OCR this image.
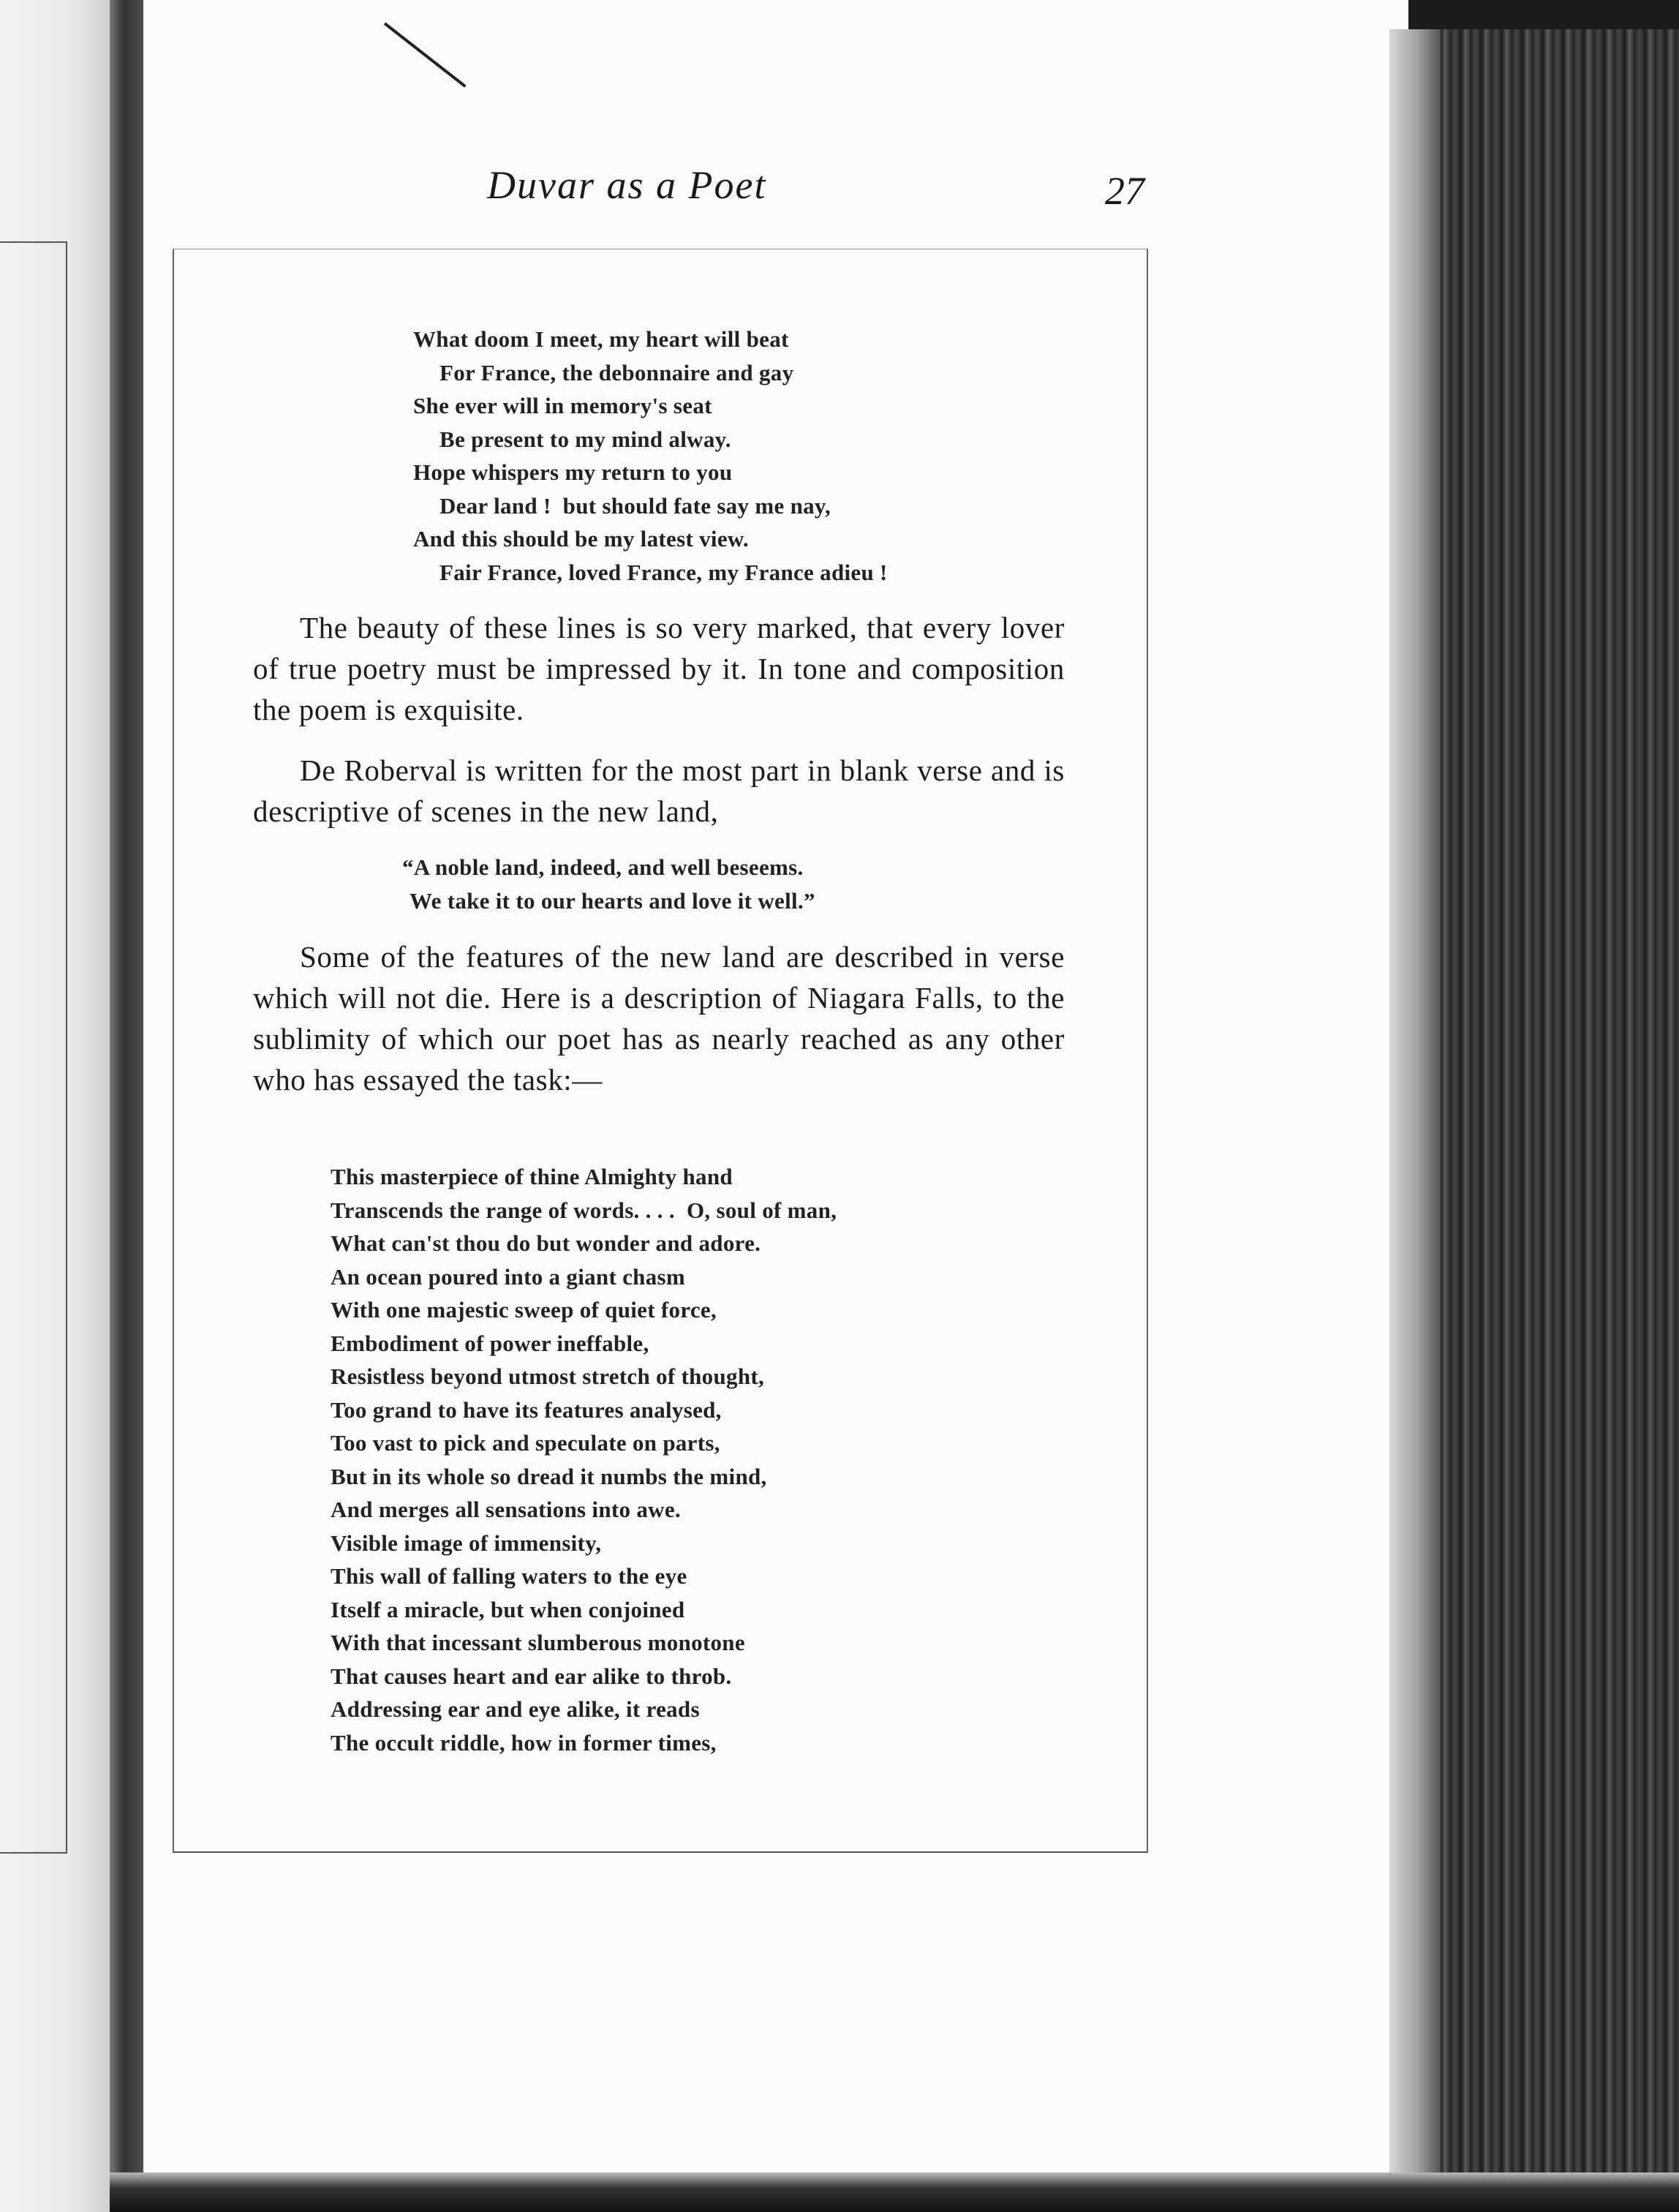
Duvar as a Poet	27
What doom I meet, my heart will beat
For France, the debonnaire and gay
She ever will in memory's seat
Be present to my mind alway.
Hope whispers my return to you
Dear land !  but should fate say me nay,
And this should be my latest view.
Fair France, loved France, my France adieu !

The beauty of these lines is so very marked, that every lover of true poetry must be impressed by it. In tone and composition the poem is exquisite.

De Roberval is written for the most part in blank verse and is descriptive of scenes in the new land,

“A noble land, indeed, and well beseems.
We take it to our hearts and love it well.”

Some of the features of the new land are described in verse which will not die. Here is a description of Niagara Falls, to the sublimity of which our poet has as nearly reached as any other who has essayed the task:—

This masterpiece of thine Almighty hand
Transcends the range of words. . . .  O, soul of man,
What can'st thou do but wonder and adore.
An ocean poured into a giant chasm
With one majestic sweep of quiet force,
Embodiment of power ineffable,
Resistless beyond utmost stretch of thought,
Too grand to have its features analysed,
Too vast to pick and speculate on parts,
But in its whole so dread it numbs the mind,
And merges all sensations into awe.
Visible image of immensity,
This wall of falling waters to the eye
Itself a miracle, but when conjoined
With that incessant slumberous monotone
That causes heart and ear alike to throb.
Addressing ear and eye alike, it reads
The occult riddle, how in former times,
